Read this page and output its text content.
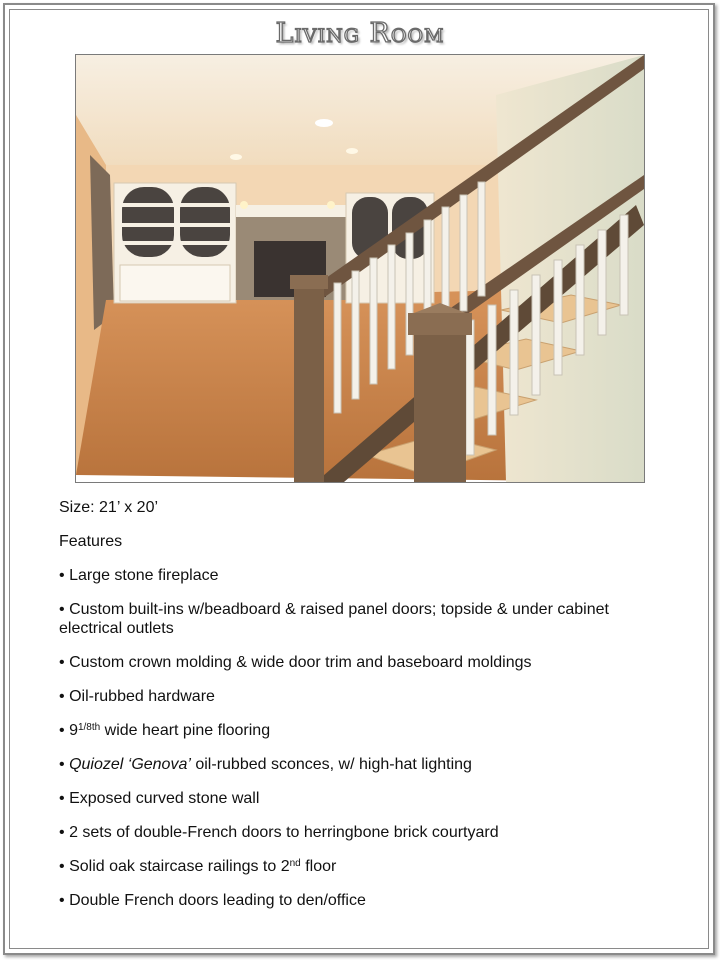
Living Room
Size: 21’ x 20’
Features
• Large stone fireplace
• Custom built-ins w/beadboard & raised panel doors; topside & under cabinet electrical outlets
• Custom crown molding & wide door trim and baseboard moldings
• Oil-rubbed hardware
• $9^{1/8th}$ wide heart pine flooring
• Quiozel ‘Genova’ oil-rubbed sconces, w/ high-hat lighting
• Exposed curved stone wall
• 2 sets of double-French doors to herringbone brick courtyard
• Solid oak staircase railings to 2nd floor
• Double French doors leading to den/office
